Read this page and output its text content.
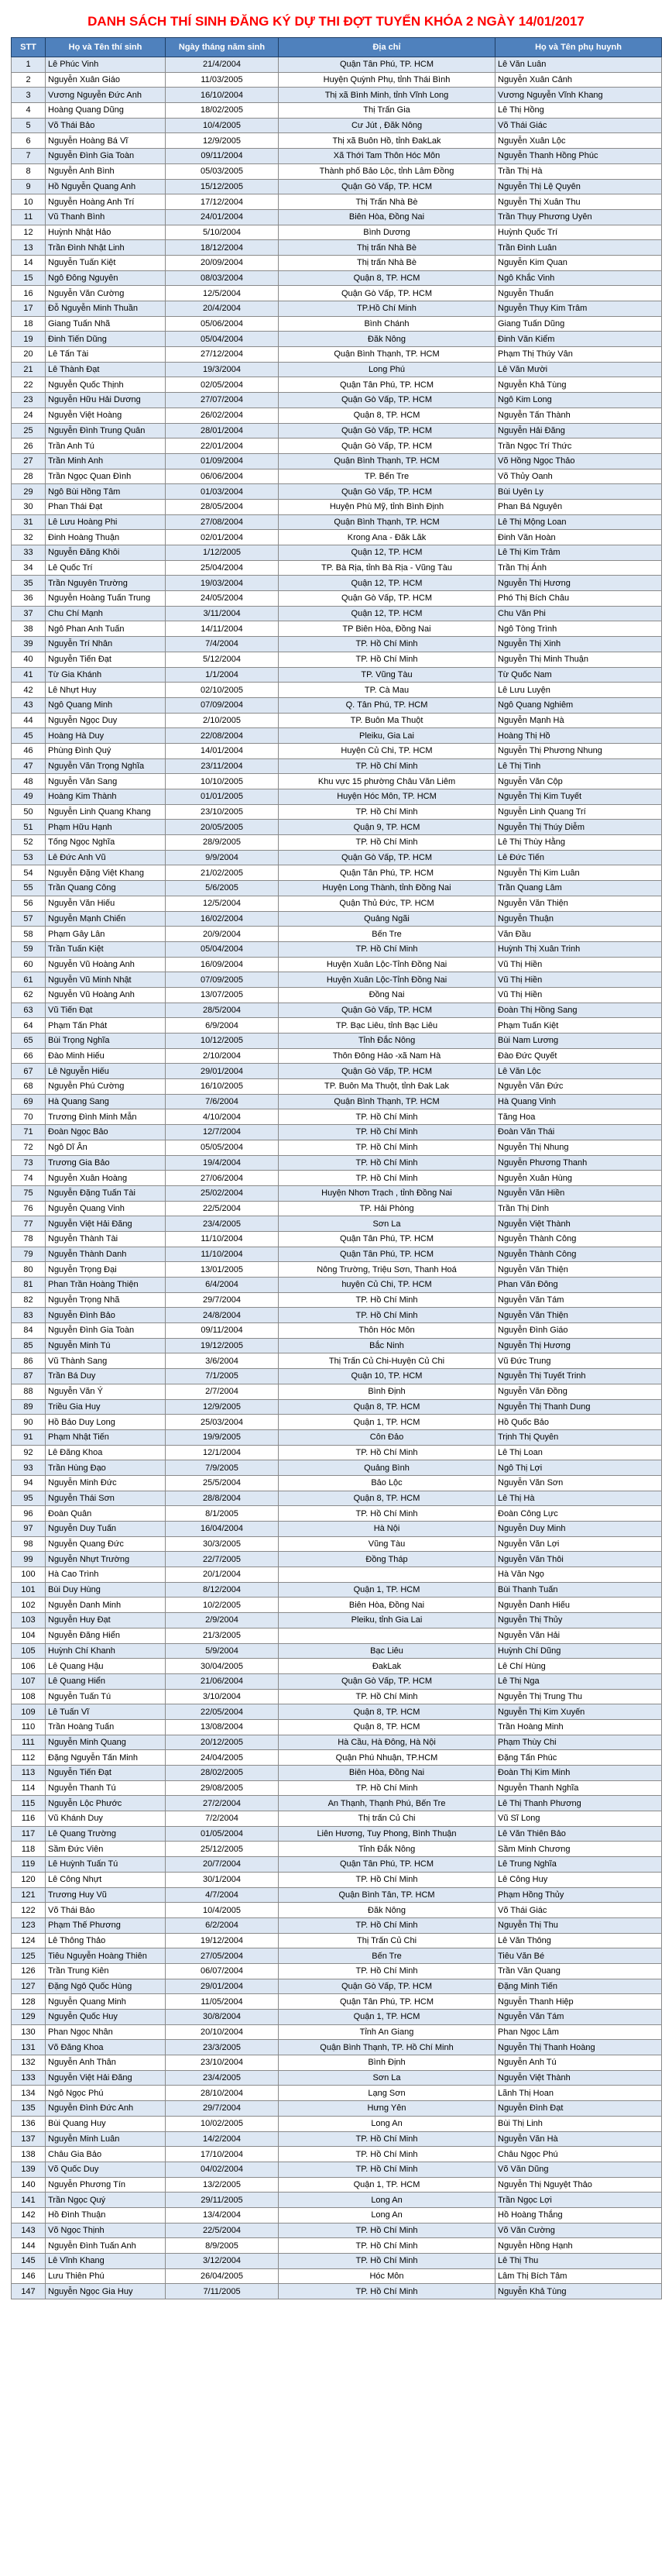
DANH SÁCH THÍ SINH ĐĂNG KÝ DỰ THI ĐỢT TUYỂN KHÓA 2 NGÀY 14/01/2017
STT	Họ và Tên thí sinh	Ngày tháng năm sinh	Địa chỉ	Họ và Tên phụ huynh
1	Lê Phúc Vinh	21/4/2004	Quận Tân Phú, TP. HCM	Lê Văn Luân
2	Nguyễn Xuân Giáo	11/03/2005	Huyện Quỳnh Phụ, tỉnh Thái Bình	Nguyễn Xuân Cảnh
3	Vương Nguyễn Đức Anh	16/10/2004	Thị xã Bình Minh, tỉnh Vĩnh Long	Vương Nguyễn Vĩnh Khang
4	Hoàng Quang Dũng	18/02/2005	Thị Trấn Gia	Lê Thị Hồng
5	Võ Thái Bảo	10/4/2005	Cư Jút , Đăk Nông	Võ Thái Giác
6	Nguyễn Hoàng Bá Vĩ	12/9/2005	Thị xã Buôn Hồ, tỉnh ĐakLak	Nguyễn Xuân Lộc
7	Nguyễn Đình Gia Toàn	09/11/2004	Xã Thới Tam Thôn Hóc Môn	Nguyễn Thanh Hồng Phúc
8	Nguyễn Anh Bình	05/03/2005	Thành phố Bảo Lộc, tỉnh Lâm Đồng	Trần Thị Hà
9	Hồ Nguyễn Quang Anh	15/12/2005	Quận Gò Vấp, TP. HCM	Nguyễn Thị Lệ Quyên
10	Nguyễn Hoàng Anh Trí	17/12/2004	Thị Trấn Nhà Bè	Nguyễn Thị Xuân Thu
11	Vũ Thanh Bình	24/01/2004	Biên Hòa, Đồng Nai	Trần Thụy Phương Uyên
12	Huỳnh Nhật Hảo	5/10/2004	Bình Dương	Huỳnh Quốc Trí
13	Trần Đình Nhật Linh	18/12/2004	Thị trấn Nhà Bè	Trần Đình Luân
14	Nguyễn Tuấn Kiệt	20/09/2004	Thị trấn Nhà Bè	Nguyễn Kim Quan
15	Ngô Đông Nguyên	08/03/2004	Quận 8, TP. HCM	Ngô Khắc Vinh
16	Nguyễn Văn Cường	12/5/2004	Quận Gò Vấp, TP. HCM	Nguyễn Thuấn
17	Đỗ Nguyễn Minh Thuần	20/4/2004	TP.Hồ Chí Minh	Nguyễn Thụy Kim Trâm
18	Giang Tuấn Nhã	05/06/2004	Bình Chánh	Giang Tuấn Dũng
19	Đinh Tiến Dũng	05/04/2004	Đăk Nông	Đinh Văn Kiểm
20	Lê Tấn Tài	27/12/2004	Quận Bình Thạnh, TP. HCM	Phạm Thị Thúy Vân
21	Lê Thành Đạt	19/3/2004	Long Phú	Lê Văn Mười
22	Nguyễn Quốc Thịnh	02/05/2004	Quận Tân Phú, TP. HCM	Nguyễn Khả Tùng
23	Nguyễn Hữu Hải Dương	27/07/2004	Quận Gò Vấp, TP. HCM	Ngô Kim Long
24	Nguyễn Việt Hoàng	26/02/2004	Quận 8, TP. HCM	Nguyễn Tấn Thành
25	Nguyễn Đình Trung Quân	28/01/2004	Quận Gò Vấp, TP. HCM	Nguyễn Hải Đăng
26	Trần Anh Tú	22/01/2004	Quận Gò Vấp, TP. HCM	Trần Ngọc Trí Thức
27	Trần Minh Anh	01/09/2004	Quận Bình Thạnh, TP. HCM	Võ Hồng Ngọc Thảo
28	Trần Ngọc Quan Đình	06/06/2004	TP. Bến Tre	Võ Thủy Oanh
29	Ngô Bùi Hồng Tâm	01/03/2004	Quận Gò Vấp, TP. HCM	Bùi Uyên Ly
30	Phan Thái Đạt	28/05/2004	Huyện Phù Mỹ, tỉnh Bình Định	Phan Bá Nguyên
31	Lê Lưu Hoàng Phi	27/08/2004	Quận Bình Thạnh, TP. HCM	Lê Thị Mộng Loan
32	Đinh Hoàng Thuận	02/01/2004	Krong Ana - Đăk Lăk	Đinh Văn Hoàn
33	Nguyễn Đăng Khôi	1/12/2005	Quận 12, TP. HCM	Lê Thị Kim Trâm
34	Lê Quốc Trí	25/04/2004	TP. Bà Rịa, tỉnh Bà Rịa - Vũng Tàu	Trần Thị Ánh
35	Trần Nguyên Trường	19/03/2004	Quận 12, TP. HCM	Nguyễn Thị Hương
36	Nguyễn Hoàng Tuấn Trung	24/05/2004	Quận Gò Vấp, TP. HCM	Phó Thị Bích Châu
37	Chu Chí Mạnh	3/11/2004	Quận 12, TP. HCM	Chu Văn Phi
38	Ngô Phan Anh Tuấn	14/11/2004	TP Biên Hòa, Đồng Nai	Ngô Tòng Trình
39	Nguyễn Trí Nhân	7/4/2004	TP. Hồ Chí Minh	Nguyễn Thị Xinh
40	Nguyễn Tiến Đạt	5/12/2004	TP. Hồ Chí Minh	Nguyễn Thị Minh Thuận
41	Từ Gia Khánh	1/1/2004	TP. Vũng Tàu	Từ Quốc Nam
42	Lê Nhựt Huy	02/10/2005	TP. Cà Mau	Lê Lưu Luyện
43	Ngô Quang Minh	07/09/2004	Q. Tân Phú, TP. HCM	Ngô Quang Nghiêm
44	Nguyễn Ngọc Duy	2/10/2005	TP. Buôn Ma Thuột	Nguyễn Mạnh Hà
45	Hoàng Hà Duy	22/08/2004	Pleiku, Gia Lai	Hoàng Thị Hồ
46	Phùng Đình Quý	14/01/2004	Huyện Củ Chi, TP. HCM	Nguyễn Thị Phương Nhung
47	Nguyễn Văn Trọng Nghĩa	23/11/2004	TP. Hồ Chí Minh	Lê Thị Tình
48	Nguyễn Văn Sang	10/10/2005	Khu vực 15 phường Châu Văn Liêm	Nguyễn Văn Cộp
49	Hoàng Kim Thành	01/01/2005	Huyện Hóc Môn, TP. HCM	Nguyễn Thị Kim Tuyết
50	Nguyễn Linh Quang Khang	23/10/2005	TP. Hồ Chí Minh	Nguyễn Linh Quang Trí
51	Phạm Hữu Hạnh	20/05/2005	Quận 9, TP. HCM	Nguyễn Thị Thúy Diễm
52	Tống Ngọc Nghĩa	28/9/2005	TP. Hồ Chí Minh	Lê Thị Thùy Hằng
53	Lê Đức Anh Vũ	9/9/2004	Quận Gò Vấp, TP. HCM	Lê Đức Tiến
54	Nguyễn Đặng Việt Khang	21/02/2005	Quận Tân Phú, TP. HCM	Nguyễn Thị Kim Luân
55	Trần Quang Công	5/6/2005	Huyện Long Thành, tỉnh Đồng Nai	Trần Quang Lâm
56	Nguyễn Văn Hiếu	12/5/2004	Quận Thủ Đức, TP. HCM	Nguyễn Văn Thiện
57	Nguyễn Mạnh Chiến	16/02/2004	Quảng Ngãi	Nguyễn Thuận
58	Phạm Gây Lân	20/9/2004	Bến Tre	Văn Đầu
59	Trần Tuấn Kiệt	05/04/2004	TP. Hồ Chí Minh	Huỳnh Thị Xuân Trinh
60	Nguyễn Vũ Hoàng Anh	16/09/2004	Huyện Xuân Lộc-Tỉnh Đồng Nai	Vũ Thị Hiền
61	Nguyễn Vũ Minh Nhật	07/09/2005	Huyện Xuân Lộc-Tỉnh Đồng Nai	Vũ Thị Hiền
62	Nguyễn Vũ Hoàng Anh	13/07/2005	Đồng Nai	Vũ Thị Hiền
63	Vũ Tiến Đạt	28/5/2004	Quận Gò Vấp, TP. HCM	Đoàn Thị Hồng Sang
64	Phạm Tấn Phát	6/9/2004	TP. Bạc Liêu, tỉnh Bạc Liêu	Phạm Tuấn Kiệt
65	Bùi Trọng Nghĩa	10/12/2005	Tỉnh Đắc Nông	Bùi Nam Lương
66	Đào Minh Hiếu	2/10/2004	Thôn Đông Hảo -xã Nam Hà	Đào Đức Quyết
67	Lê Nguyễn Hiếu	29/01/2004	Quận Gò Vấp, TP. HCM	Lê Văn Lộc
68	Nguyễn Phú Cường	16/10/2005	TP. Buôn Ma Thuột, tỉnh Đak Lak	Nguyễn Văn Đức
69	Hà Quang Sang	7/6/2004	Quận Bình Thạnh, TP. HCM	Hà Quang Vinh
70	Trương Đình Minh Mẫn	4/10/2004	TP. Hồ Chí Minh	Tăng Hoa
71	Đoàn Ngọc Bảo	12/7/2004	TP. Hồ Chí Minh	Đoàn Văn Thái
72	Ngô Dĩ Ân	05/05/2004	TP. Hồ Chí Minh	Nguyễn Thị Nhung
73	Trương Gia Bảo	19/4/2004	TP. Hồ Chí Minh	Nguyễn Phương Thanh
74	Nguyễn Xuân Hoàng	27/06/2004	TP. Hồ Chí Minh	Nguyễn Xuân Hùng
75	Nguyễn Đặng Tuấn Tài	25/02/2004	Huyện Nhơn Trạch , tỉnh Đồng Nai	Nguyễn Văn Hiền
76	Nguyễn Quang Vinh	22/5/2004	TP. Hải Phòng	Trần Thị Dinh
77	Nguyễn Việt Hải Đăng	23/4/2005	Sơn La	Nguyễn Việt Thành
78	Nguyễn Thành Tài	11/10/2004	Quận Tân Phú, TP. HCM	Nguyễn Thành Công
79	Nguyễn Thành Danh	11/10/2004	Quận Tân Phú, TP. HCM	Nguyễn Thành Công
80	Nguyễn Trọng Đại	13/01/2005	Nông Trường, Triệu Sơn, Thanh Hoá	Nguyễn Văn Thiện
81	Phan Trần Hoàng Thiện	6/4/2004	huyện Củ Chi, TP. HCM	Phan Văn Đông
82	Nguyễn Trọng Nhã	29/7/2004	TP. Hồ Chí Minh	Nguyễn Văn Tám
83	Nguyễn Đình Bảo	24/8/2004	TP. Hồ Chí Minh	Nguyễn Văn Thiện
84	Nguyễn Đình Gia Toàn	09/11/2004	Thôn Hóc Môn	Nguyễn Đình Giáo
85	Nguyễn Minh Tú	19/12/2005	Bắc Ninh	Nguyễn Thị Hương
86	Vũ Thành Sang	3/6/2004	Thị Trấn Củ Chi-Huyện Củ Chi	Vũ Đức Trung
87	Trần Bá Duy	7/1/2005	Quận 10, TP. HCM	Nguyễn Thị Tuyết Trinh
88	Nguyễn Văn Ý	2/7/2004	Bình Định	Nguyễn Văn Đồng
89	Triều Gia Huy	12/9/2005	Quận 8, TP. HCM	Nguyễn Thị Thanh Dung
90	Hồ Bảo Duy Long	25/03/2004	Quận 1, TP. HCM	Hồ Quốc Bảo
91	Phạm Nhật Tiến	19/9/2005	Côn Đảo	Trịnh Thị Quyên
92	Lê Đăng Khoa	12/1/2004	TP. Hồ Chí Minh	Lê Thị Loan
93	Trần Hùng Đạo	7/9/2005	Quảng Bình	Ngô Thị Lợi
94	Nguyễn Minh Đức	25/5/2004	Bảo Lộc	Nguyễn Văn Sơn
95	Nguyễn Thái Sơn	28/8/2004	Quận 8, TP. HCM	Lê Thị Hà
96	Đoàn Quân	8/1/2005	TP. Hồ Chí Minh	Đoàn Công Lực
97	Nguyễn Duy Tuấn	16/04/2004	Hà Nội	Nguyễn Duy Minh
98	Nguyễn Quang Đức	30/3/2005	Vũng Tàu	Nguyễn Văn Lợi
99	Nguyễn Nhựt Trường	22/7/2005	Đồng Tháp	Nguyễn Văn Thôi
100	Hà Cao Trình	20/1/2004		Hà Văn Ngọ
101	Bùi Duy Hùng	8/12/2004	Quận 1, TP. HCM	Bùi Thanh Tuấn
102	Nguyễn Danh Minh	10/2/2005	Biên Hòa, Đồng Nai	Nguyễn Danh Hiếu
103	Nguyễn Huy Đạt	2/9/2004	Pleiku, tỉnh Gia Lai	Nguyễn Thị Thủy
104	Nguyễn Đăng Hiển	21/3/2005		Nguyễn Văn Hải
105	Huỳnh Chí Khanh	5/9/2004	Bạc Liêu	Huỳnh Chí Dũng
106	Lê Quang Hậu	30/04/2005	ĐakLak	Lê Chí Hùng
107	Lê Quang Hiển	21/06/2004	Quận Gò Vấp, TP. HCM	Lê Thị Nga
108	Nguyễn Tuấn Tú	3/10/2004	TP. Hồ Chí Minh	Nguyễn Thị Trung Thu
109	Lê Tuấn Vĩ	22/05/2004	Quận 8, TP. HCM	Nguyễn Thị Kim Xuyến
110	Trần Hoàng Tuấn	13/08/2004	Quận 8, TP. HCM	Trần Hoàng Minh
111	Nguyễn Minh Quang	20/12/2005	Hà Cầu, Hà Đông, Hà Nội	Phạm Thùy Chi
112	Đặng Nguyễn Tấn Minh	24/04/2005	Quận Phú Nhuận, TP.HCM	Đặng Tấn Phúc
113	Nguyễn Tiến Đạt	28/02/2005	Biên Hòa, Đồng Nai	Đoàn Thị Kim Minh
114	Nguyễn Thanh Tú	29/08/2005	TP. Hồ Chí Minh	Nguyễn Thanh Nghĩa
115	Nguyễn Lộc Phước	27/2/2004	An Thạnh, Thạnh Phú, Bến Tre	Lê Thị Thanh Phương
116	Vũ Khánh Duy	7/2/2004	Thị trấn Củ Chi	Vũ Sĩ Long
117	Lê Quang Trường	01/05/2004	Liên Hương, Tuy Phong, Bình Thuận	Lê Văn Thiên Bảo
118	Sầm Đức Viên	25/12/2005	Tỉnh Đắk Nông	Sầm Minh Chương
119	Lê Huỳnh Tuấn Tú	20/7/2004	Quận Tân Phú, TP. HCM	Lê Trung Nghĩa
120	Lê Công Nhựt	30/1/2004	TP. Hồ Chí Minh	Lê Công Huy
121	Trương Huy Vũ	4/7/2004	Quận Bình Tân, TP. HCM	Phạm Hồng Thủy
122	Võ Thái Bảo	10/4/2005	Đăk Nông	Võ Thái Giác
123	Phạm Thế Phương	6/2/2004	TP. Hồ Chí Minh	Nguyễn Thị Thu
124	Lê Thông Thảo	19/12/2004	Thị Trấn Củ Chi	Lê Văn Thông
125	Tiêu Nguyễn Hoàng Thiên	27/05/2004	Bến Tre	Tiêu Văn Bé
126	Trần Trung Kiên	06/07/2004	TP. Hồ Chí Minh	Trần Văn Quang
127	Đặng Ngô Quốc Hùng	29/01/2004	Quận Gò Vấp, TP. HCM	Đặng Minh Tiến
128	Nguyễn Quang Minh	11/05/2004	Quận Tân Phú, TP. HCM	Nguyễn Thanh Hiệp
129	Nguyễn Quốc Huy	30/8/2004	Quận 1, TP. HCM	Nguyễn Văn Tám
130	Phan Ngọc Nhân	20/10/2004	Tỉnh An Giang	Phan Ngọc Lâm
131	Võ Đăng Khoa	23/3/2005	Quận Bình Thạnh, TP. Hồ Chí Minh	Nguyễn Thị Thanh Hoàng
132	Nguyễn Anh Thân	23/10/2004	Bình Định	Nguyễn Anh Tú
133	Nguyễn Việt Hải Đăng	23/4/2005	Sơn La	Nguyễn Việt Thành
134	Ngô Ngọc Phú	28/10/2004	Lạng Sơn	Lãnh Thị Hoan
135	Nguyễn Đình Đức Anh	29/7/2004	Hưng Yên	Nguyễn Đình Đạt
136	Bùi Quang Huy	10/02/2005	Long An	Bùi Thị Linh
137	Nguyễn Minh Luân	14/2/2004	TP. Hồ Chí Minh	Nguyễn Văn Hà
138	Châu Gia Bảo	17/10/2004	TP. Hồ Chí Minh	Châu Ngọc Phú
139	Võ Quốc Duy	04/02/2004	TP. Hồ Chí Minh	Võ Văn Dũng
140	Nguyễn Phương Tín	13/2/2005	Quận 1, TP. HCM	Nguyễn Thị Nguyệt Thảo
141	Trần Ngọc Quý	29/11/2005	Long An	Trần Ngọc Lợi
142	Hồ Đình Thuận	13/4/2004	Long An	Hồ Hoàng Thắng
143	Võ Ngọc Thịnh	22/5/2004	TP. Hồ Chí Minh	Võ Văn Cường
144	Nguyễn Đình Tuấn Anh	8/9/2005	TP. Hồ Chí Minh	Nguyễn Hồng Hạnh
145	Lê Vĩnh Khang	3/12/2004	TP. Hồ Chí Minh	Lê Thị Thu
146	Lưu Thiên Phú	26/04/2005	Hóc Môn	Lâm Thị Bích Tâm
147	Nguyễn Ngọc Gia Huy	7/11/2005	TP. Hồ Chí Minh	Nguyễn Khả Tùng
